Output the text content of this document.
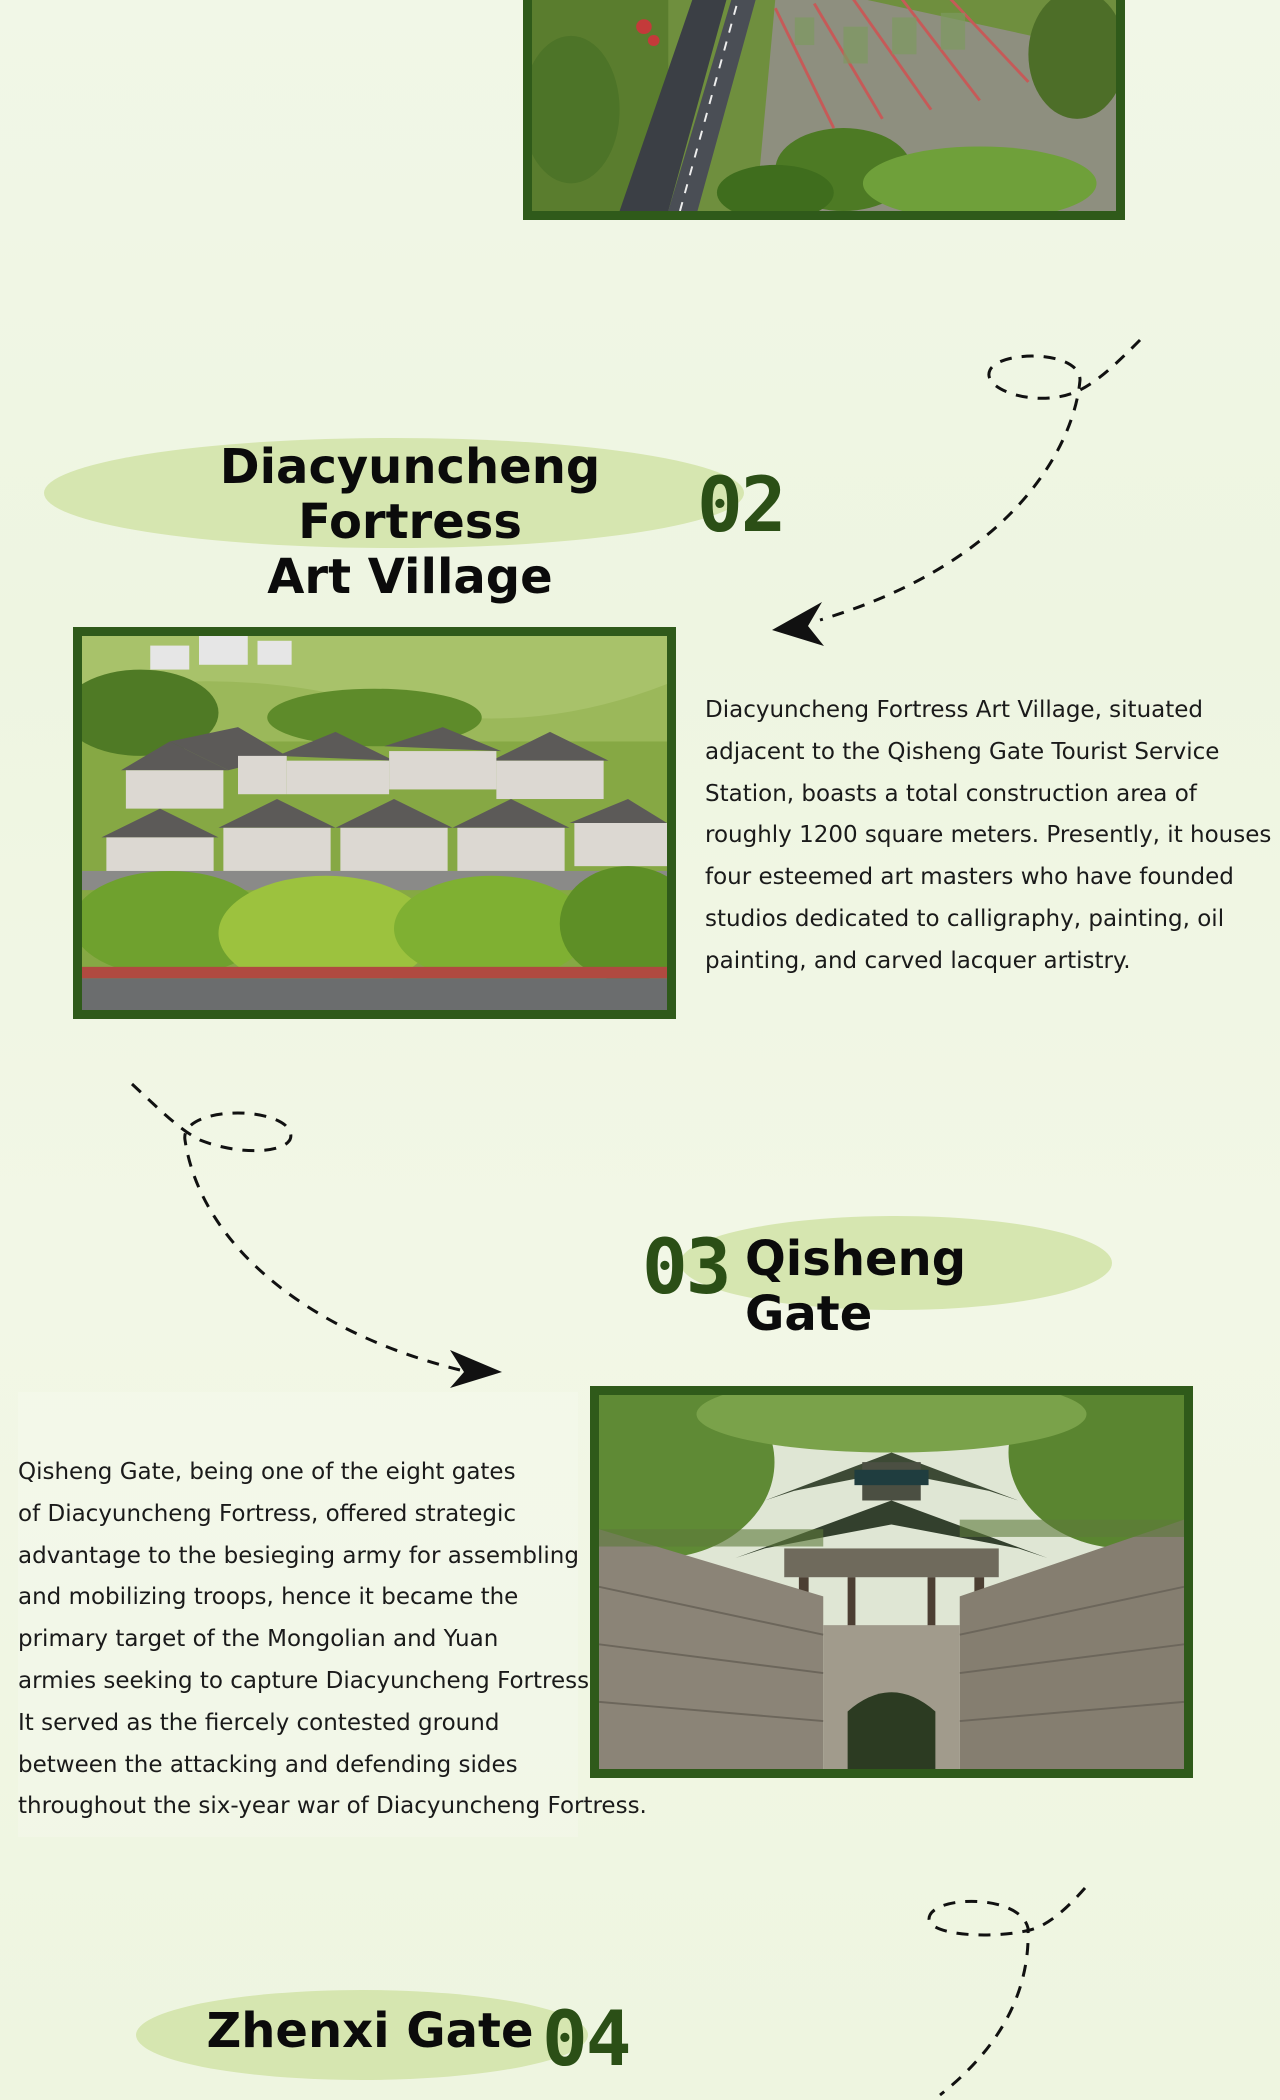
Diacyuncheng Fortress
Art Village
02
Diacyuncheng Fortress Art Village, situated
adjacent to the Qisheng Gate Tourist Service
Station, boasts a total construction area of
roughly 1200 square meters. Presently, it houses
four esteemed art masters who have founded
studios dedicated to calligraphy, painting, oil
painting, and carved lacquer artistry.
03 Qisheng Gate
Qisheng Gate, being one of the eight gates
of Diacyuncheng Fortress, offered strategic
advantage to the besieging army for assembling
and mobilizing troops, hence it became the
primary target of the Mongolian and Yuan
armies seeking to capture Diacyuncheng Fortress.
It served as the fiercely contested ground
between the attacking and defending sides
throughout the six-year war of Diacyuncheng Fortress.
Zhenxi Gate 04
